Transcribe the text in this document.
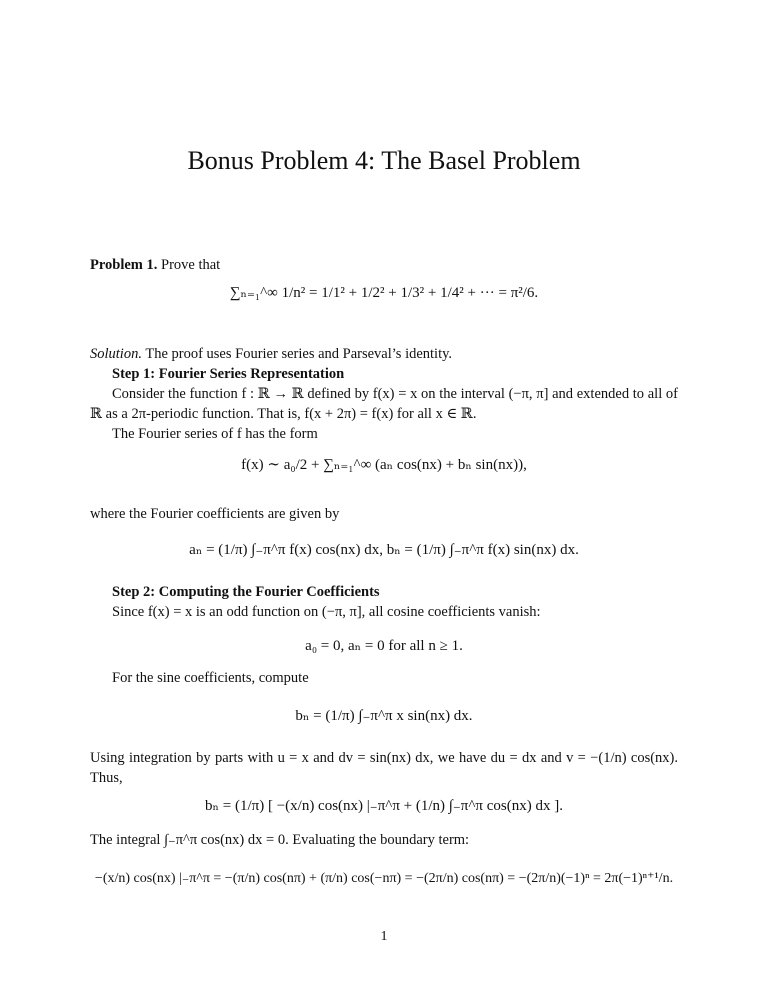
Bonus Problem 4: The Basel Problem
Problem 1. Prove that
∑ₙ₌₁^∞ 1/n² = 1/1² + 1/2² + 1/3² + 1/4² + ··· = π²/6.
Solution. The proof uses Fourier series and Parseval’s identity.
Step 1: Fourier Series Representation
Consider the function f : ℝ → ℝ defined by f(x) = x on the interval (−π, π] and extended to all of ℝ as a 2π-periodic function. That is, f(x + 2π) = f(x) for all x ∈ ℝ.
The Fourier series of f has the form
f(x) ∼ a₀/2 + ∑ₙ₌₁^∞ (aₙ cos(nx) + bₙ sin(nx)),
where the Fourier coefficients are given by
aₙ = (1/π) ∫₋π^π f(x) cos(nx) dx, bₙ = (1/π) ∫₋π^π f(x) sin(nx) dx.
Step 2: Computing the Fourier Coefficients
Since f(x) = x is an odd function on (−π, π], all cosine coefficients vanish:
a₀ = 0, aₙ = 0 for all n ≥ 1.
For the sine coefficients, compute
bₙ = (1/π) ∫₋π^π x sin(nx) dx.
Using integration by parts with u = x and dv = sin(nx) dx, we have du = dx and v = −(1/n) cos(nx). Thus,
bₙ = (1/π) [ −(x/n) cos(nx) |₋π^π + (1/n) ∫₋π^π cos(nx) dx ].
The integral ∫₋π^π cos(nx) dx = 0. Evaluating the boundary term:
−(x/n) cos(nx) |₋π^π = −(π/n) cos(nπ) + (π/n) cos(−nπ) = −(2π/n) cos(nπ) = −(2π/n)(−1)ⁿ = 2π(−1)ⁿ⁺¹/n.
1
